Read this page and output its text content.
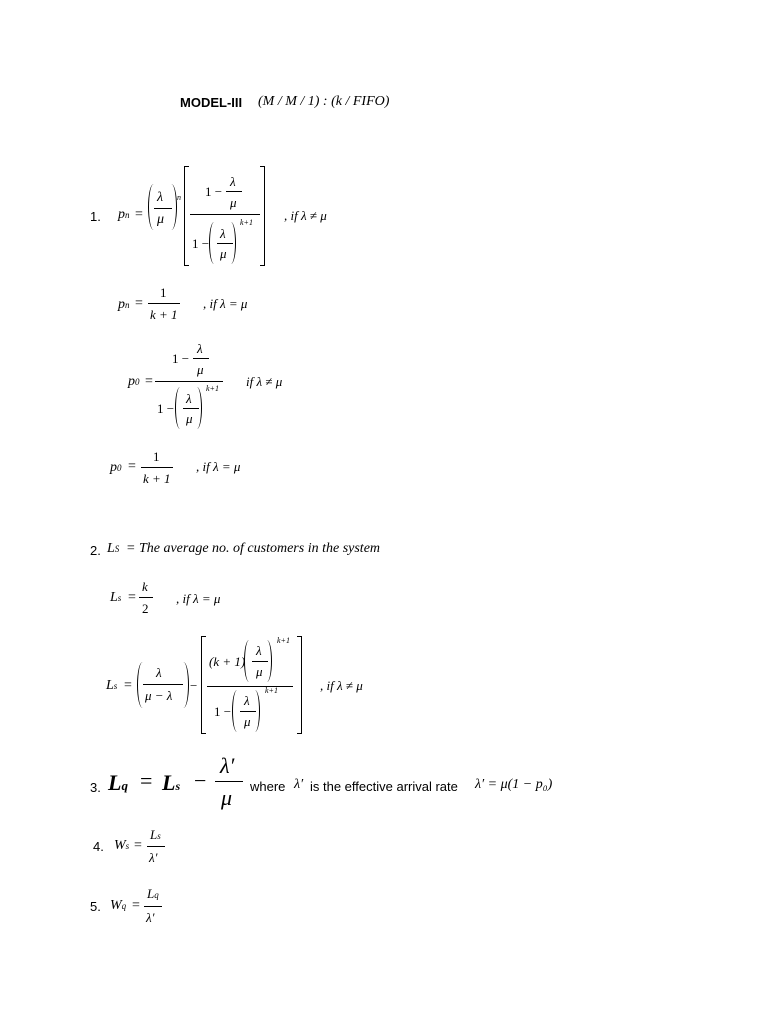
MODEL-III (M / M / 1) : (k / FIFO)
1. pn =
λ
μ
n 1 −
λ
μ
1 −
λ
μ
k+1 , if λ ≠ μ
pn =
1
k + 1
, if λ = μ
p0 =
1 −
λ
μ
1 −
λ
μ
k+1 if λ ≠ μ
p0 =
1
k + 1
, if λ = μ
2. LS = The average no. of customers in the system
Ls =
k
2
, if λ = μ
Ls =
λ
μ − λ
−
(k + 1)
λ
μ
k+1
1 −
λ
μ
k+1	, if λ ≠ μ
3. Lq = Ls −
λ′
μ where λ′ is the effective arrival rate λ′ = μ(1 − p₀)
4. Ws =
Ls
λ′
5. Wq =
Lq
λ′
